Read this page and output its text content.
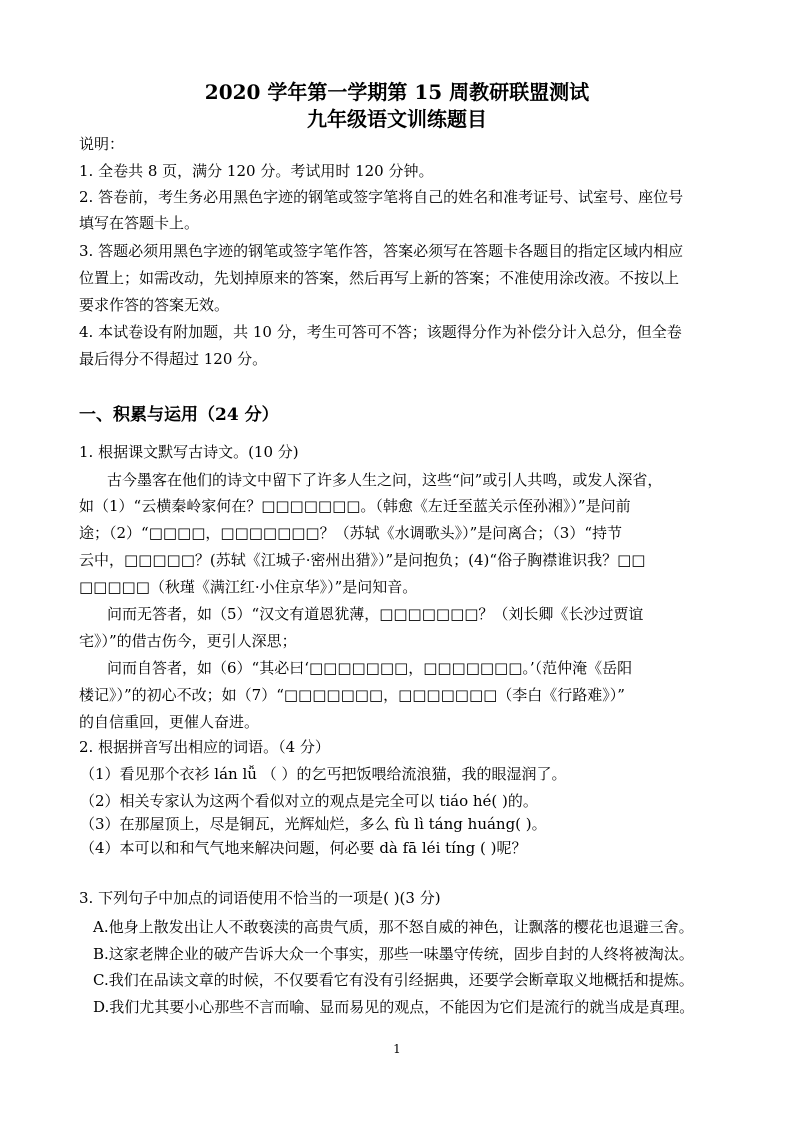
2020 学年第一学期第 15 周教研联盟测试
九年级语文训练题目
说明：
1. 全卷共 8 页，满分 120 分。考试用时 120 分钟。
2. 答卷前，考生务必用黑色字迹的钢笔或签字笔将自己的姓名和准考证号、试室号、座位号
填写在答题卡上。
3. 答题必须用黑色字迹的钢笔或签字笔作答，答案必须写在答题卡各题目的指定区域内相应
位置上；如需改动，先划掉原来的答案，然后再写上新的答案；不准使用涂改液。不按以上
要求作答的答案无效。
4. 本试卷设有附加题，共 10 分，考生可答可不答；该题得分作为补偿分计入总分，但全卷
最后得分不得超过 120 分。
一、积累与运用（24 分）
1. 根据课文默写古诗文。(10 分)
古今墨客在他们的诗文中留下了许多人生之问，这些“问”或引人共鸣，或发人深省，
如（1）“云横秦岭家何在？□□□□□□□。（韩愈《左迁至蓝关示侄孙湘》）”是问前
途；（2）“□□□□，□□□□□□□？（苏轼《水调歌头》）”是问离合；（3）“持节
云中，□□□□□？(苏轼《江城子·密州出猎》）”是问抱负；(4)“俗子胸襟谁识我？□□
□□□□□（秋瑾《满江红·小住京华》）”是问知音。
问而无答者，如（5）“汉文有道恩犹薄，□□□□□□□？（刘长卿《长沙过贾谊
宅》）”的借古伤今，更引人深思；
问而自答者，如（6）“其必曰‘□□□□□□□，□□□□□□□。’（范仲淹《岳阳
楼记》）”的初心不改；如（7）“□□□□□□□，□□□□□□□（李白《行路难》）”
的自信重回，更催人奋进。
2. 根据拼音写出相应的词语。（4 分）
（1）看见那个衣衫 lán lǚ （ ）的乞丐把饭喂给流浪猫，我的眼湿润了。
（2）相关专家认为这两个看似对立的观点是完全可以 tiáo hé( )的。
（3）在那屋顶上，尽是铜瓦，光辉灿烂，多么 fù lì táng huáng( )。
（4）本可以和和气气地来解决问题，何必要 dà fā léi tíng ( )呢？
3. 下列句子中加点的词语使用不恰当的一项是( )(3 分)
A.他身上散发出让人不敢亵渎的高贵气质，那不怒自威的神色，让飘落的樱花也退避三舍。
B.这家老牌企业的破产告诉大众一个事实，那些一味墨守传统，固步自封的人终将被淘汰。
C.我们在品读文章的时候，不仅要看它有没有引经据典，还要学会断章取义地概括和提炼。
D.我们尤其要小心那些不言而喻、显而易见的观点，不能因为它们是流行的就当成是真理。
1
